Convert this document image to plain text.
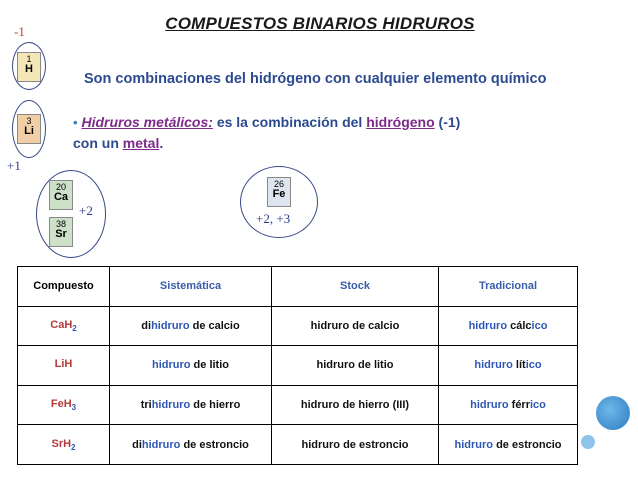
COMPUESTOS BINARIOS HIDRUROS
-1
1
H
3
Li
+1
20
Ca
38
Sr
+2
26
Fe
+2, +3
Son combinaciones del hidrógeno con cualquier elemento químico
• Hidruros metálicos: es la combinación del hidrógeno (-1)
con un metal.
Compuesto	Sistemática	Stock	Tradicional
CaH$_2$	dihidruro de calcio	hidruro de calcio	hidruro cálcico
LiH	hidruro de litio	hidruro de litio	hidruro lítico
FeH$_3$	trihidruro de hierro	hidruro de hierro (III)	hidruro férrico
SrH$_2$	dihidruro de estroncio	hidruro de estroncio	hidruro de estroncio
